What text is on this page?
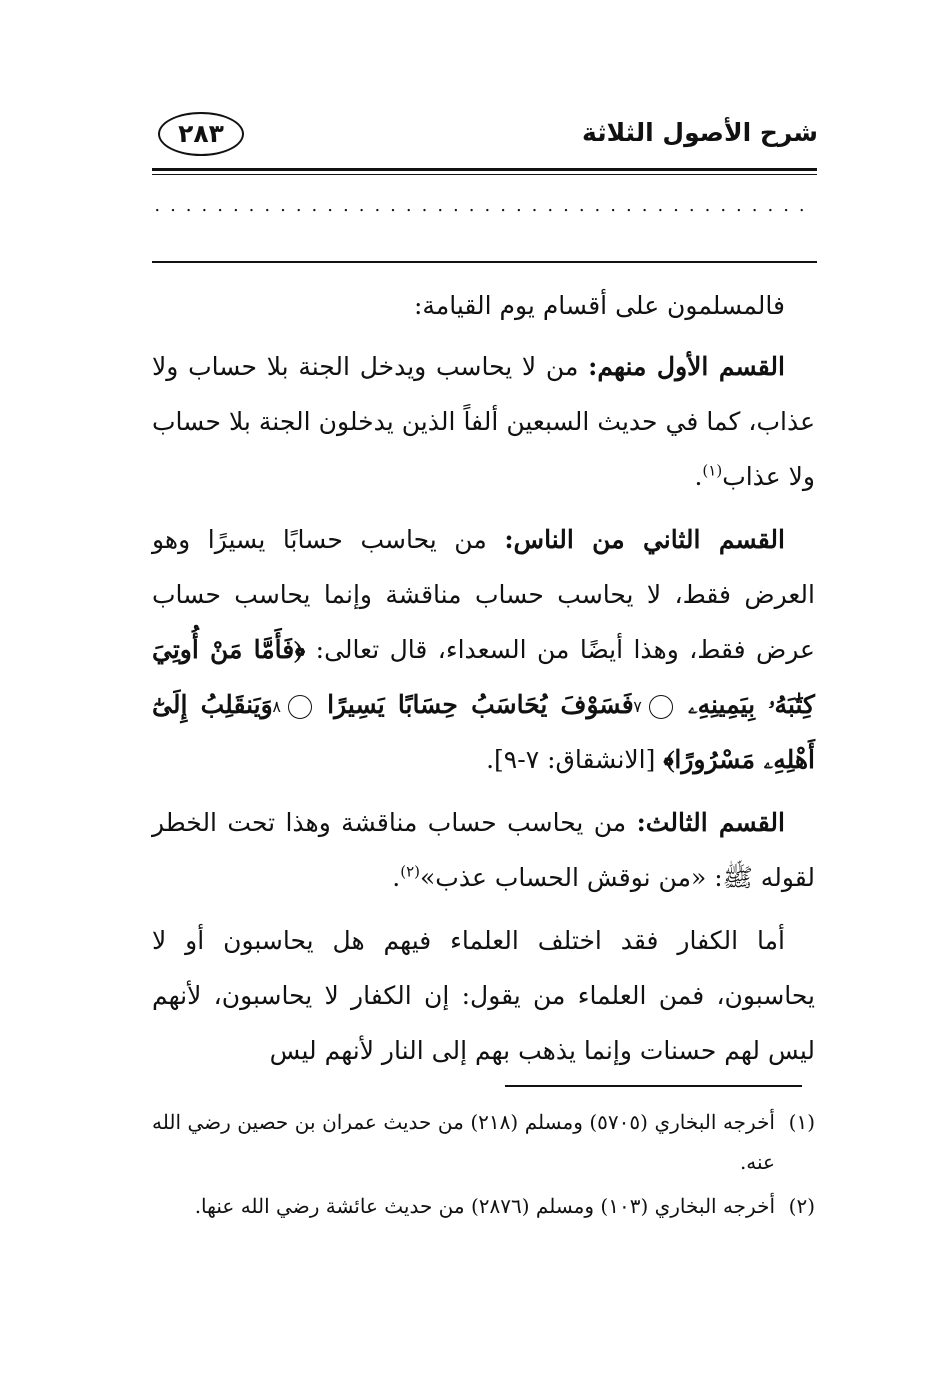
شرح الأصول الثلاثة
٢٨٣
..........................................

فالمسلمون على أقسام يوم القيامة:

القسم الأول منهم: من لا يحاسب ويدخل الجنة بلا حساب ولا عذاب، كما في حديث السبعين ألفاً الذين يدخلون الجنة بلا حساب ولا عذاب$^{(١)}$.

القسم الثاني من الناس: من يحاسب حسابًا يسيرًا وهو العرض فقط، لا يحاسب حساب مناقشة وإنما يحاسب حساب عرض فقط، وهذا أيضًا من السعداء، قال تعالى: ﴿فَأَمَّا مَنْ أُوتِيَ كِتَٰبَهُۥ بِيَمِينِهِۦ ٧ فَسَوْفَ يُحَاسَبُ حِسَابًا يَسِيرًا ٨ وَيَنقَلِبُ إِلَىٰٓ أَهْلِهِۦ مَسْرُورًا﴾ [الانشقاق: ٧-٩].

القسم الثالث: من يحاسب حساب مناقشة وهذا تحت الخطر لقوله ﷺ: «من نوقش الحساب عذب»$^{(٢)}$.

أما الكفار فقد اختلف العلماء فيهم هل يحاسبون أو لا يحاسبون، فمن العلماء من يقول: إن الكفار لا يحاسبون، لأنهم ليس لهم حسنات وإنما يذهب بهم إلى النار لأنهم ليس

(١)أخرجه البخاري (٥٧٠٥) ومسلم (٢١٨) من حديث عمران بن حصين رضي الله عنه.
(٢)أخرجه البخاري (١٠٣) ومسلم (٢٨٧٦) من حديث عائشة رضي الله عنها.
